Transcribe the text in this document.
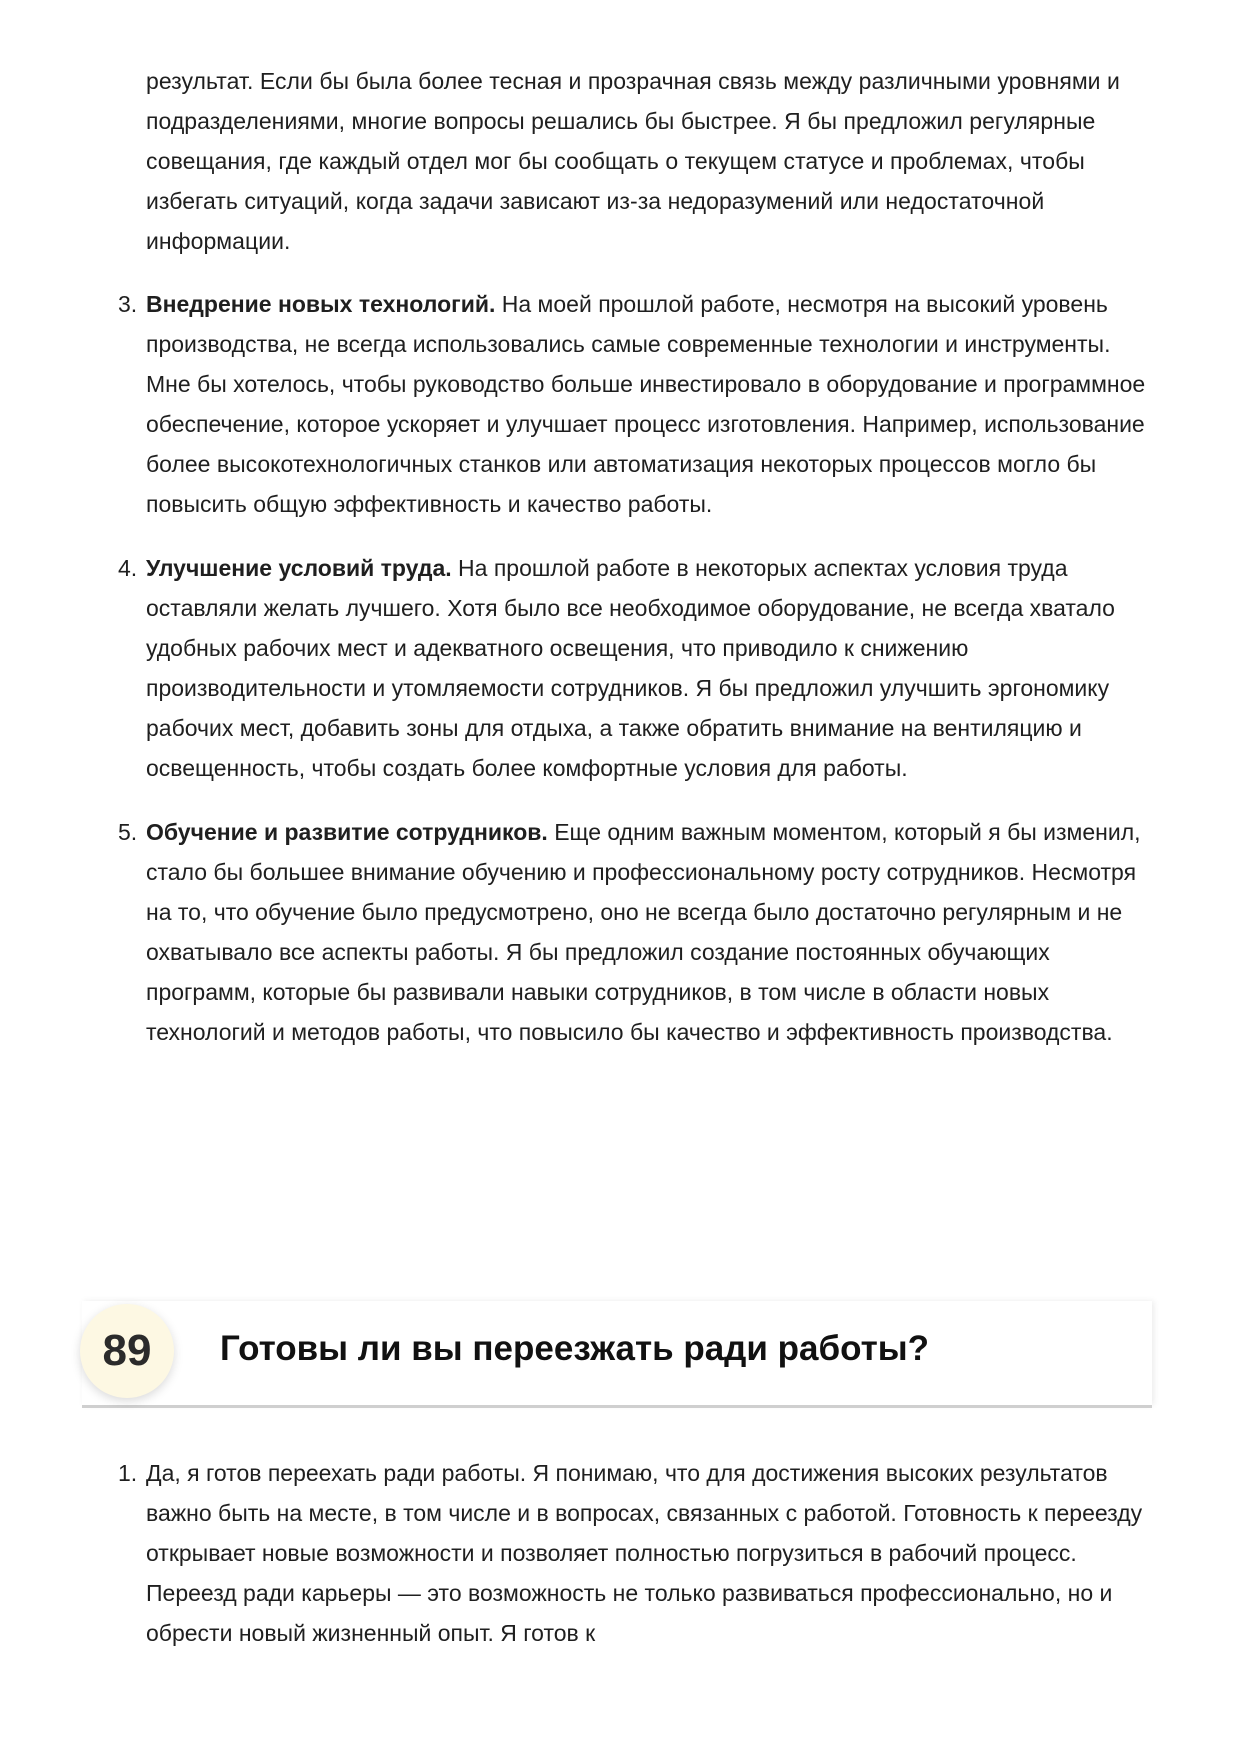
результат. Если бы была более тесная и прозрачная связь между различными уровнями и подразделениями, многие вопросы решались бы быстрее. Я бы предложил регулярные совещания, где каждый отдел мог бы сообщать о текущем статусе и проблемах, чтобы избегать ситуаций, когда задачи зависают из-за недоразумений или недостаточной информации.
3. Внедрение новых технологий. На моей прошлой работе, несмотря на высокий уровень производства, не всегда использовались самые современные технологии и инструменты. Мне бы хотелось, чтобы руководство больше инвестировало в оборудование и программное обеспечение, которое ускоряет и улучшает процесс изготовления. Например, использование более высокотехнологичных станков или автоматизация некоторых процессов могло бы повысить общую эффективность и качество работы.
4. Улучшение условий труда. На прошлой работе в некоторых аспектах условия труда оставляли желать лучшего. Хотя было все необходимое оборудование, не всегда хватало удобных рабочих мест и адекватного освещения, что приводило к снижению производительности и утомляемости сотрудников. Я бы предложил улучшить эргономику рабочих мест, добавить зоны для отдыха, а также обратить внимание на вентиляцию и освещенность, чтобы создать более комфортные условия для работы.
5. Обучение и развитие сотрудников. Еще одним важным моментом, который я бы изменил, стало бы большее внимание обучению и профессиональному росту сотрудников. Несмотря на то, что обучение было предусмотрено, оно не всегда было достаточно регулярным и не охватывало все аспекты работы. Я бы предложил создание постоянных обучающих программ, которые бы развивали навыки сотрудников, в том числе в области новых технологий и методов работы, что повысило бы качество и эффективность производства.
89	Готовы ли вы переезжать ради работы?
1. Да, я готов переехать ради работы. Я понимаю, что для достижения высоких результатов важно быть на месте, в том числе и в вопросах, связанных с работой. Готовность к переезду открывает новые возможности и позволяет полностью погрузиться в рабочий процесс. Переезд ради карьеры — это возможность не только развиваться профессионально, но и обрести новый жизненный опыт. Я готов к
